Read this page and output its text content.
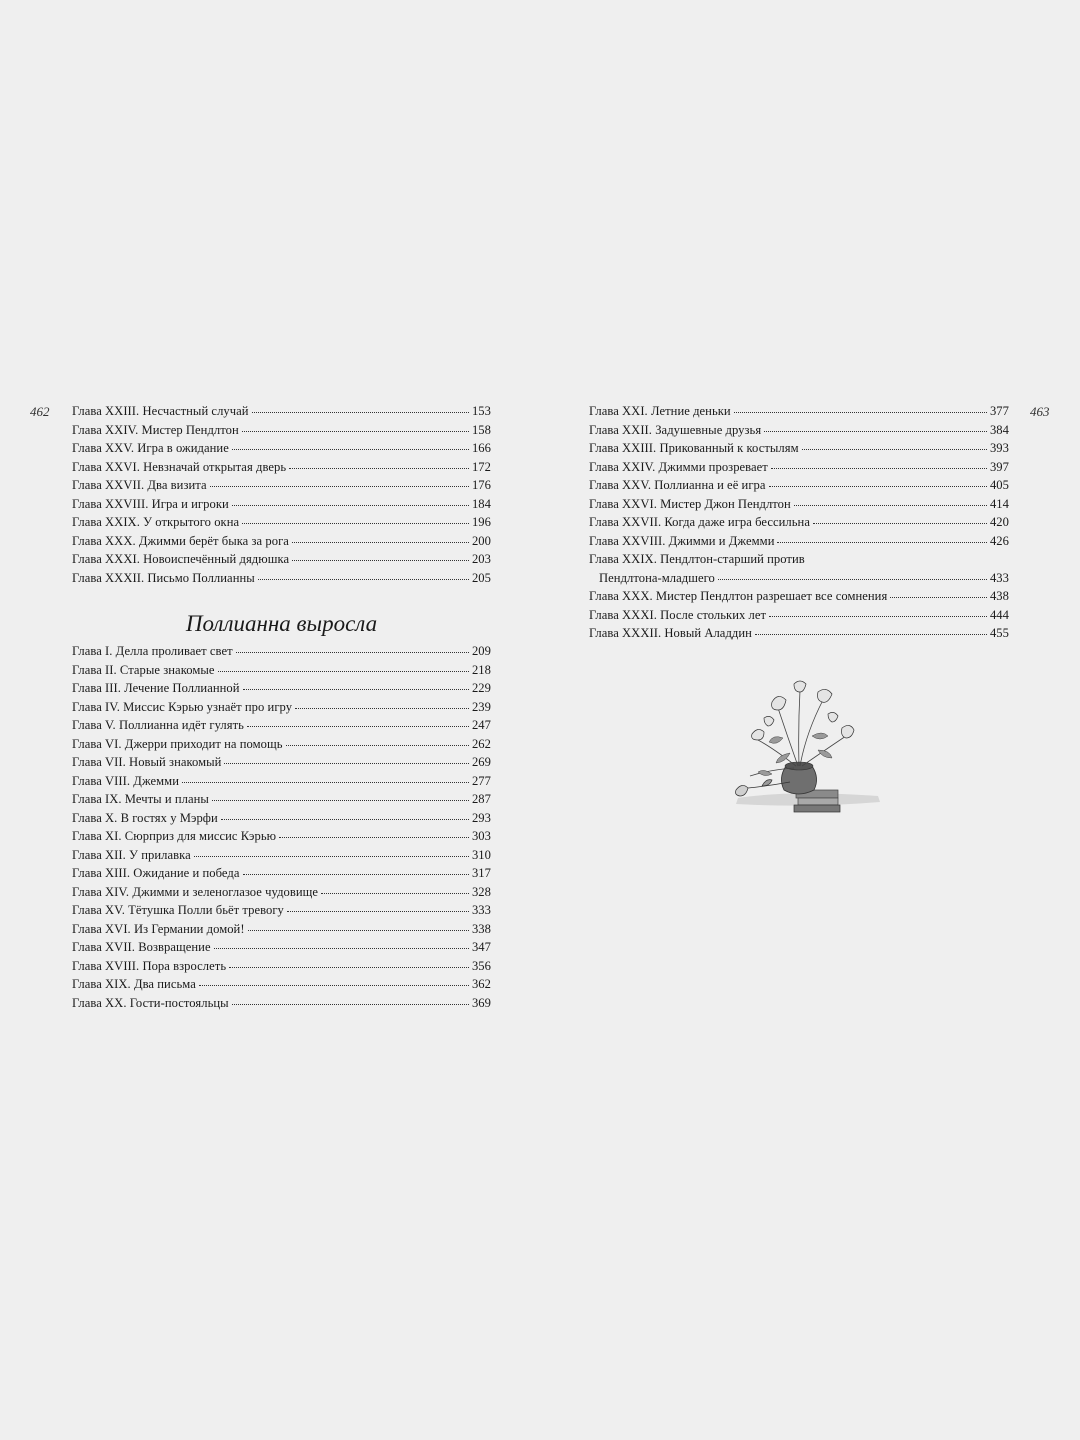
462	463
Глава XXIII. Несчастный случай	153
Глава XXIV. Мистер Пендлтон	158
Глава XXV. Игра в ожидание	166
Глава XXVI. Невзначай открытая дверь	172
Глава XXVII. Два визита	176
Глава XXVIII. Игра и игроки	184
Глава XXIX. У открытого окна	196
Глава XXX. Джимми берёт быка за рога	200
Глава XXXI. Новоиспечённый дядюшка	203
Глава XXXII. Письмо Поллианны	205
Поллианна выросла
Глава I. Делла проливает свет	209
Глава II. Старые знакомые	218
Глава III. Лечение Поллианной	229
Глава IV. Миссис Кэрью узнаёт про игру	239
Глава V. Поллианна идёт гулять	247
Глава VI. Джерри приходит на помощь	262
Глава VII. Новый знакомый	269
Глава VIII. Джемми	277
Глава IX. Мечты и планы	287
Глава X. В гостях у Мэрфи	293
Глава XI. Сюрприз для миссис Кэрью	303
Глава XII. У прилавка	310
Глава XIII. Ожидание и победа	317
Глава XIV. Джимми и зеленоглазое чудовище	328
Глава XV. Тётушка Полли бьёт тревогу	333
Глава XVI. Из Германии домой!	338
Глава XVII. Возвращение	347
Глава XVIII. Пора взрослеть	356
Глава XIX. Два письма	362
Глава XX. Гости-постояльцы	369
Глава XXI. Летние деньки	377
Глава XXII. Задушевные друзья	384
Глава XXIII. Прикованный к костылям	393
Глава XXIV. Джимми прозревает	397
Глава XXV. Поллианна и её игра	405
Глава XXVI. Мистер Джон Пендлтон	414
Глава XXVII. Когда даже игра бессильна	420
Глава XXVIII. Джимми и Джемми	426
Глава XXIX. Пендлтон-старший против
Пендлтона-младшего	433
Глава XXX. Мистер Пендлтон разрешает все сомнения	438
Глава XXXI. После стольких лет	444
Глава XXXII. Новый Аладдин	455
